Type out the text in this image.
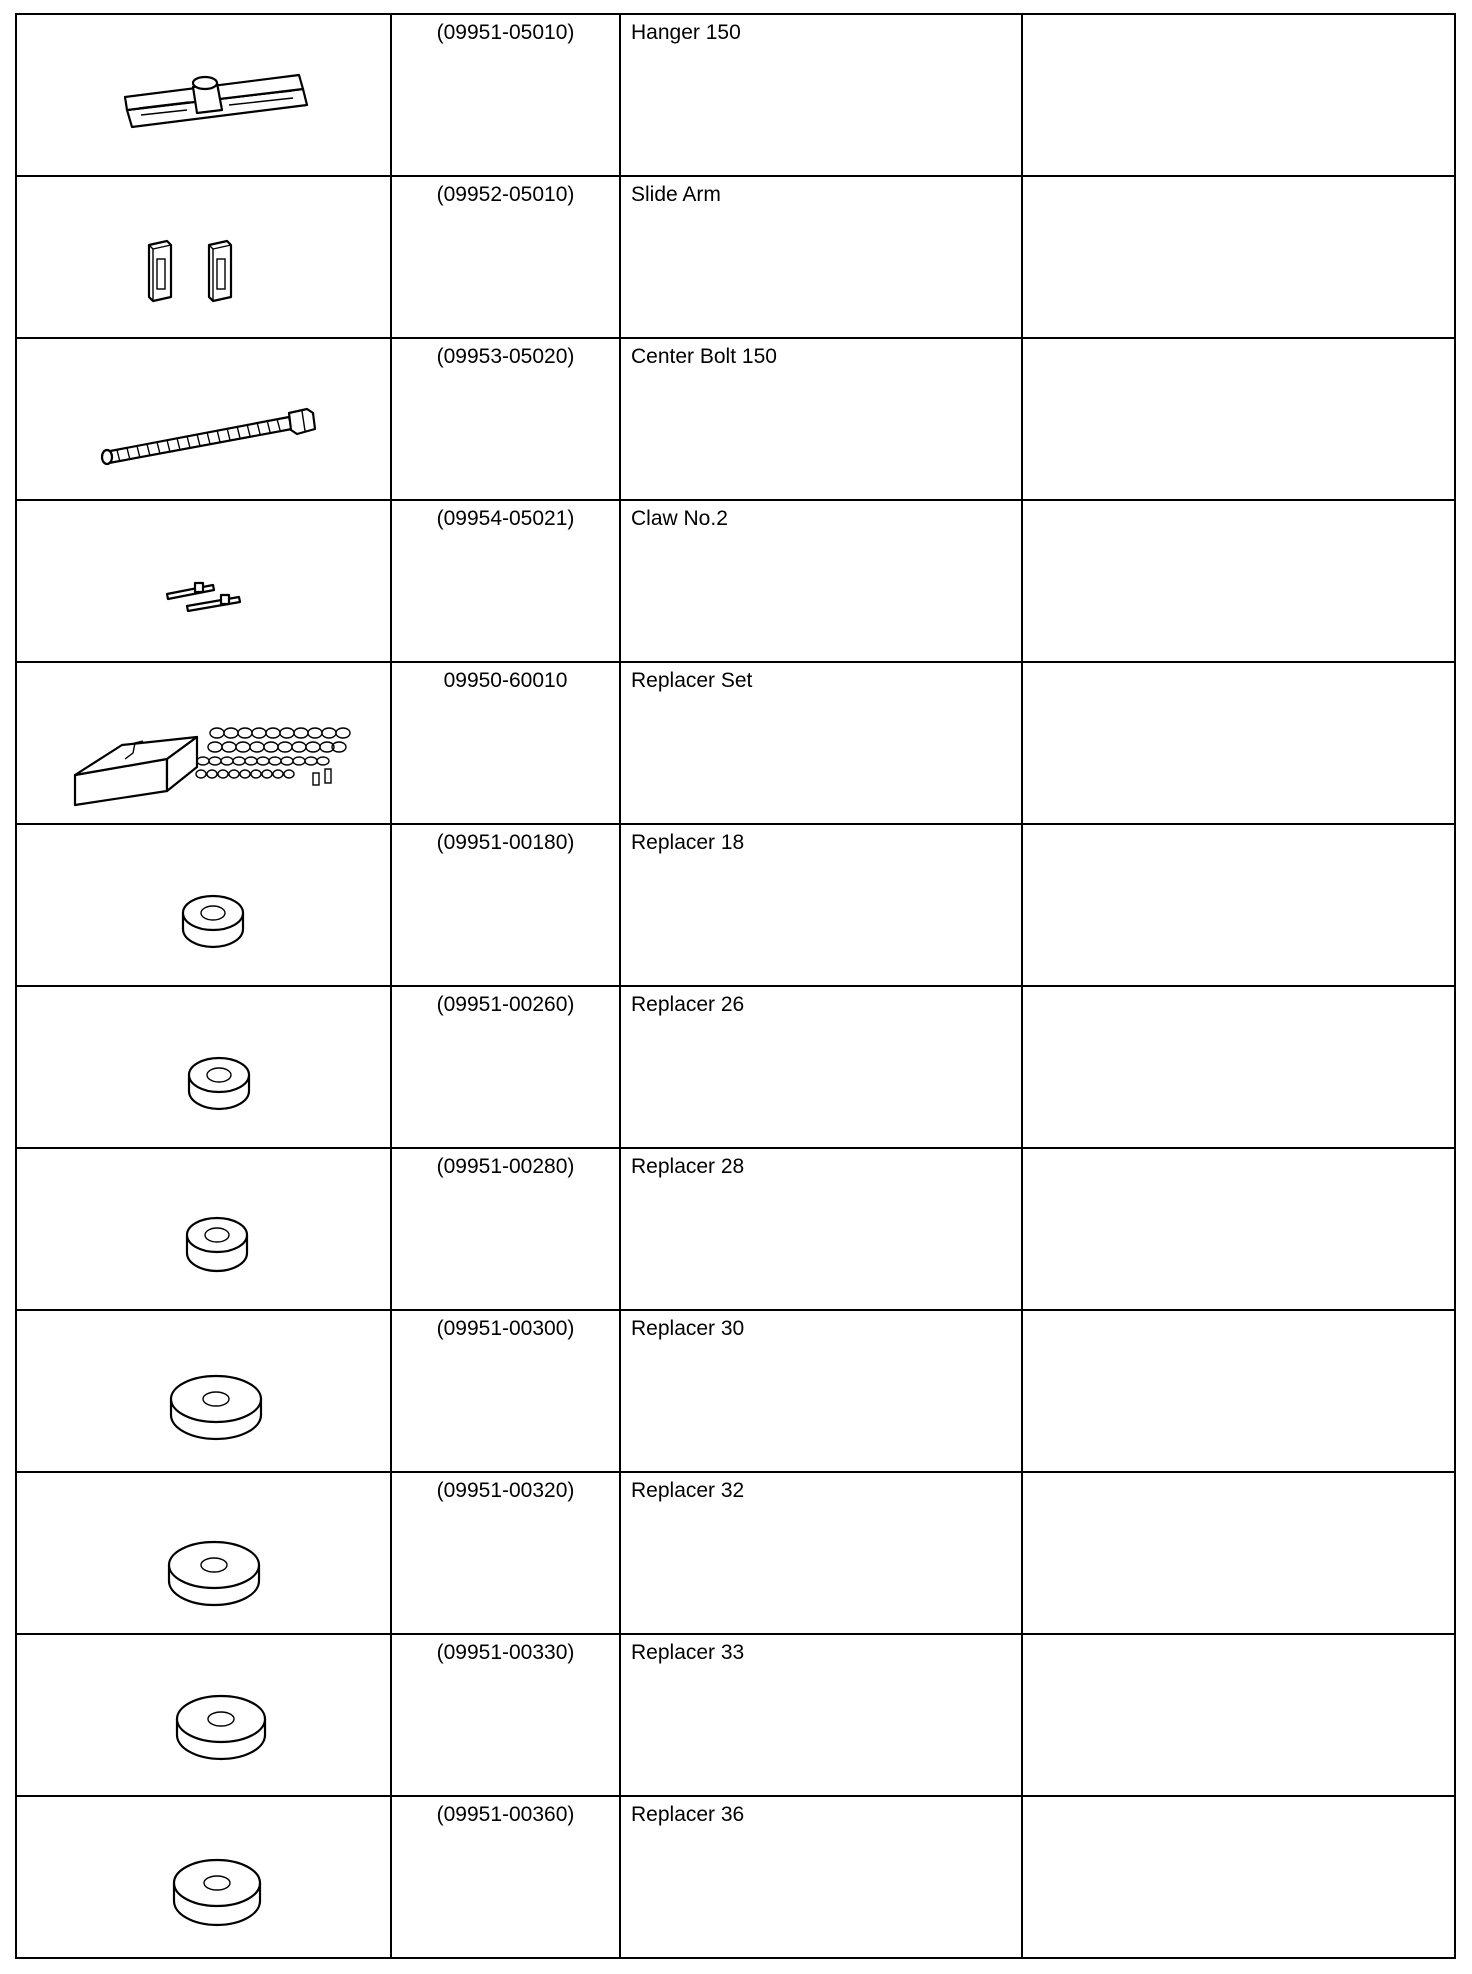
(09951-05010)	Hanger 150	

(09952-05010)	Slide Arm	

(09953-05020)	Center Bolt 150	

(09954-05021)	Claw No.2	

09950-60010	Replacer Set	

(09951-00180)	Replacer 18	

(09951-00260)	Replacer 26	

(09951-00280)	Replacer 28	

(09951-00300)	Replacer 30	

(09951-00320)	Replacer 32	

(09951-00330)	Replacer 33	

(09951-00360)	Replacer 36	
